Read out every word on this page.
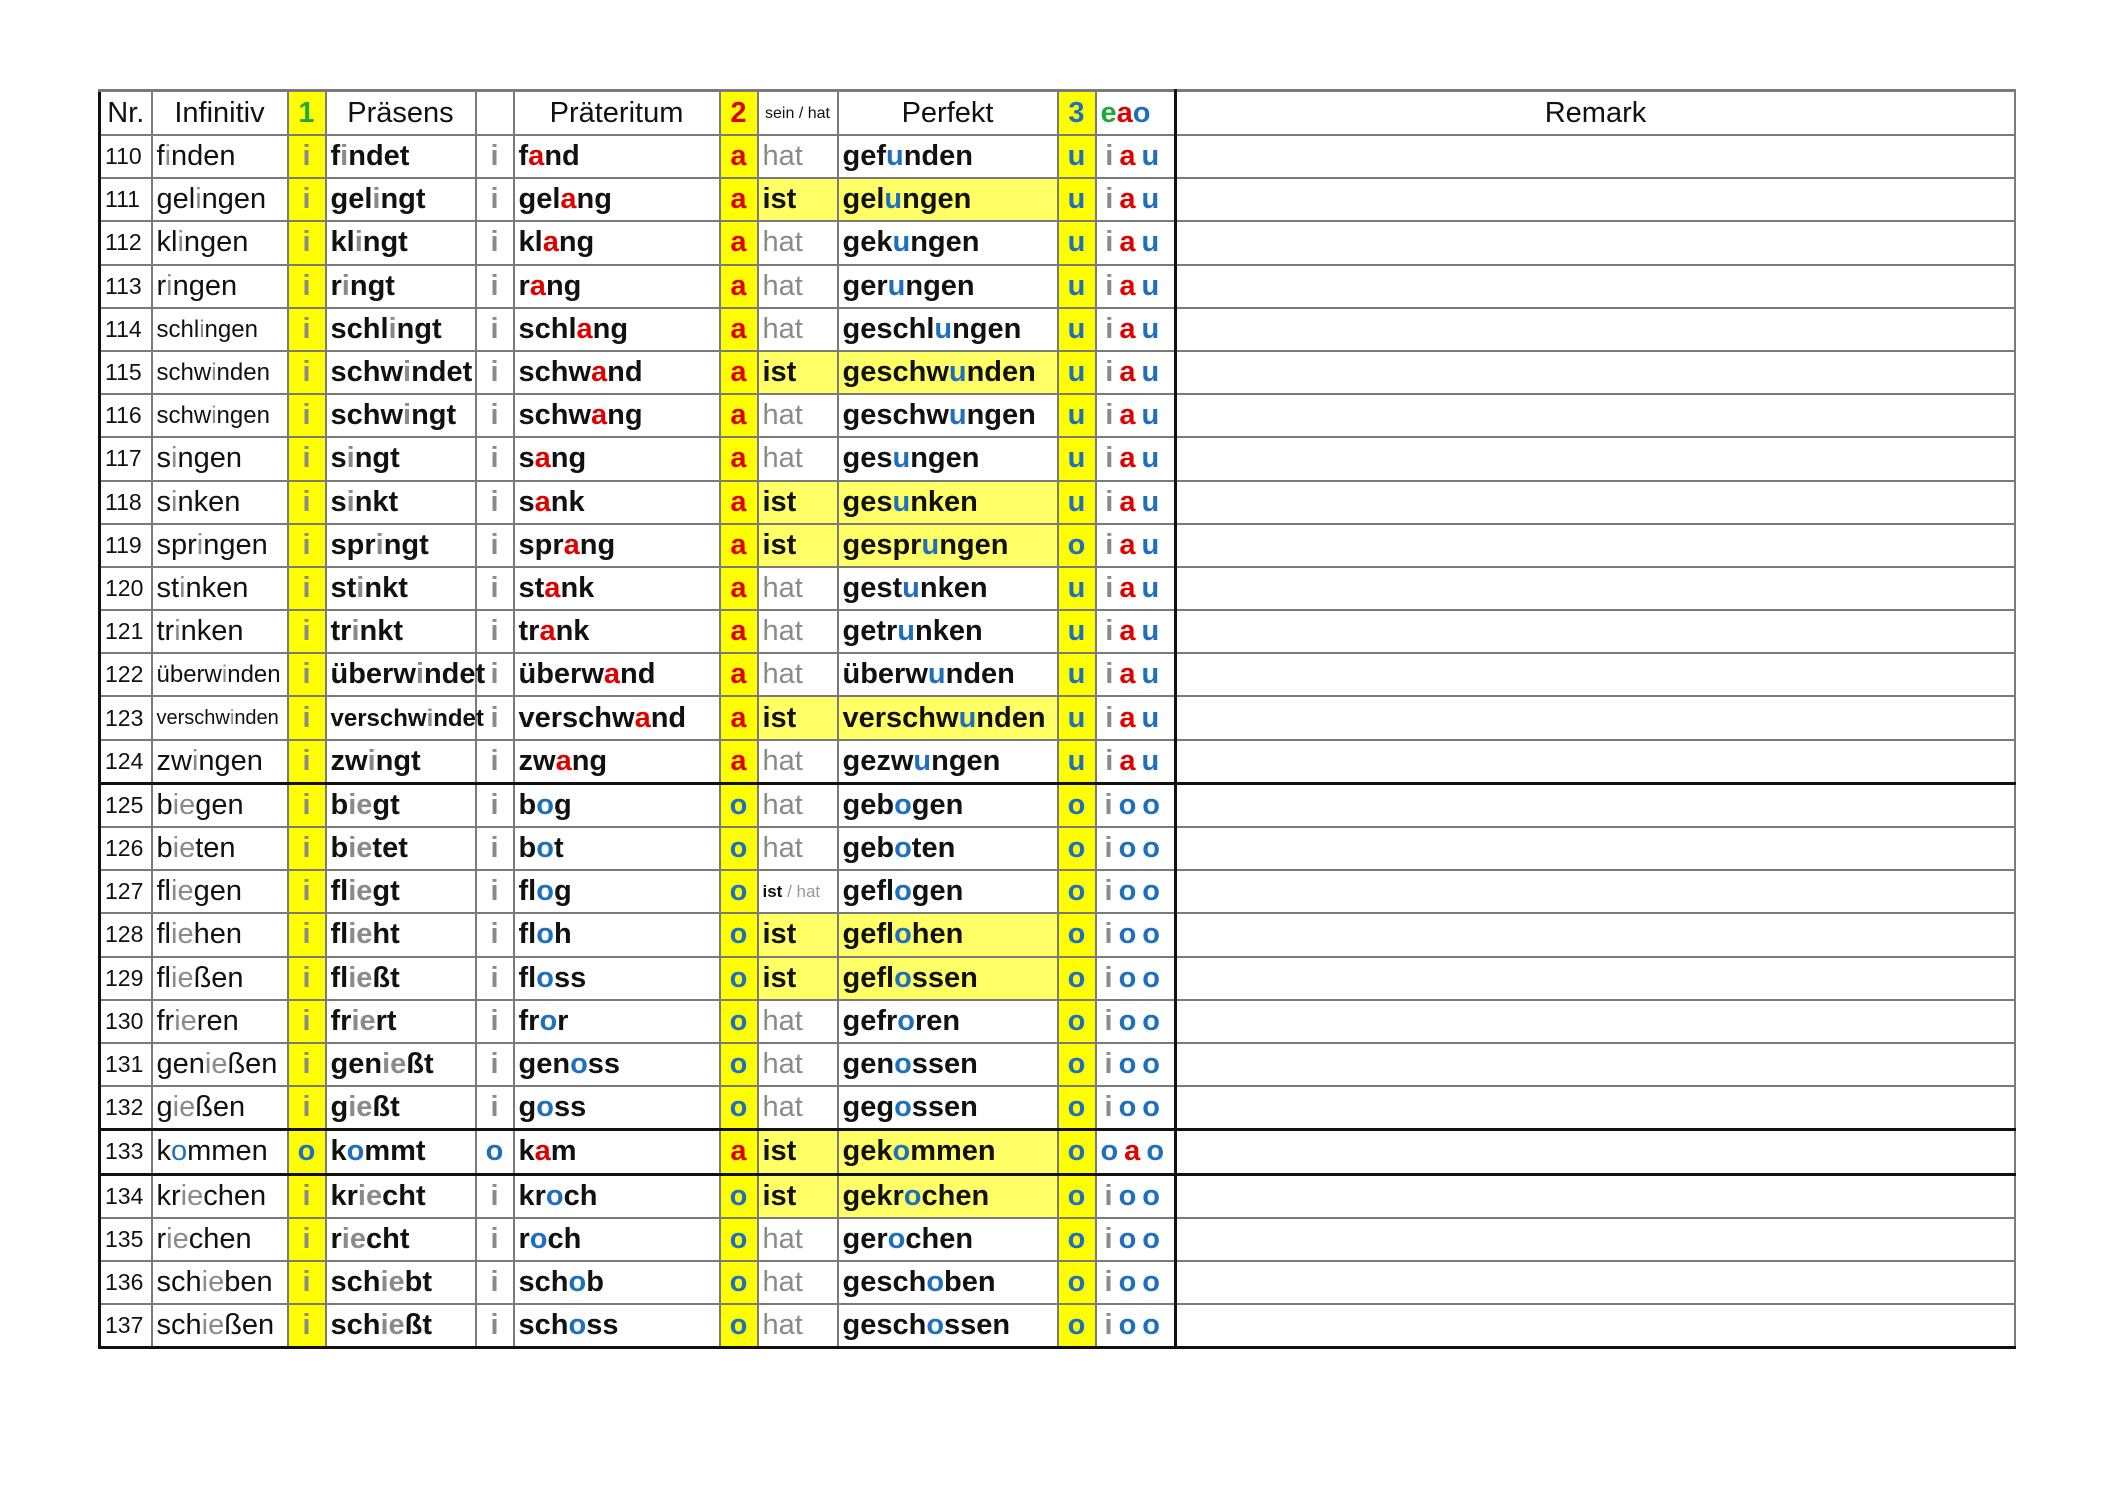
Nr.	Infinitiv	1	Präsens		Präteritum	2	sein / hat	Perfekt	3	eao	Remark
110	finden	i	findet	i	fand	a	hat	gefunden	u	iau	
111	gelingen	i	gelingt	i	gelang	a	ist	gelungen	u	iau	
112	klingen	i	klingt	i	klang	a	hat	gekungen	u	iau	
113	ringen	i	ringt	i	rang	a	hat	gerungen	u	iau	
114	schlingen	i	schlingt	i	schlang	a	hat	geschlungen	u	iau	
115	schwinden	i	schwindet	i	schwand	a	ist	geschwunden	u	iau	
116	schwingen	i	schwingt	i	schwang	a	hat	geschwungen	u	iau	
117	singen	i	singt	i	sang	a	hat	gesungen	u	iau	
118	sinken	i	sinkt	i	sank	a	ist	gesunken	u	iau	
119	springen	i	springt	i	sprang	a	ist	gesprungen	o	iau	
120	stinken	i	stinkt	i	stank	a	hat	gestunken	u	iau	
121	trinken	i	trinkt	i	trank	a	hat	getrunken	u	iau	
122	überwinden	i	überwindet	i	überwand	a	hat	überwunden	u	iau	
123	verschwinden	i	verschwindet	i	verschwand	a	ist	verschwunden	u	iau	
124	zwingen	i	zwingt	i	zwang	a	hat	gezwungen	u	iau	
125	biegen	i	biegt	i	bog	o	hat	gebogen	o	ioo	
126	bieten	i	bietet	i	bot	o	hat	geboten	o	ioo	
127	fliegen	i	fliegt	i	flog	o	ist / hat	geflogen	o	ioo	
128	fliehen	i	flieht	i	floh	o	ist	geflohen	o	ioo	
129	fließen	i	fließt	i	floss	o	ist	geflossen	o	ioo	
130	frieren	i	friert	i	fror	o	hat	gefroren	o	ioo	
131	genießen	i	genießt	i	genoss	o	hat	genossen	o	ioo	
132	gießen	i	gießt	i	goss	o	hat	gegossen	o	ioo	
133	kommen	o	kommt	o	kam	a	ist	gekommen	o	oao	
134	kriechen	i	kriecht	i	kroch	o	ist	gekrochen	o	ioo	
135	riechen	i	riecht	i	roch	o	hat	gerochen	o	ioo	
136	schieben	i	schiebt	i	schob	o	hat	geschoben	o	ioo	
137	schießen	i	schießt	i	schoss	o	hat	geschossen	o	ioo	
